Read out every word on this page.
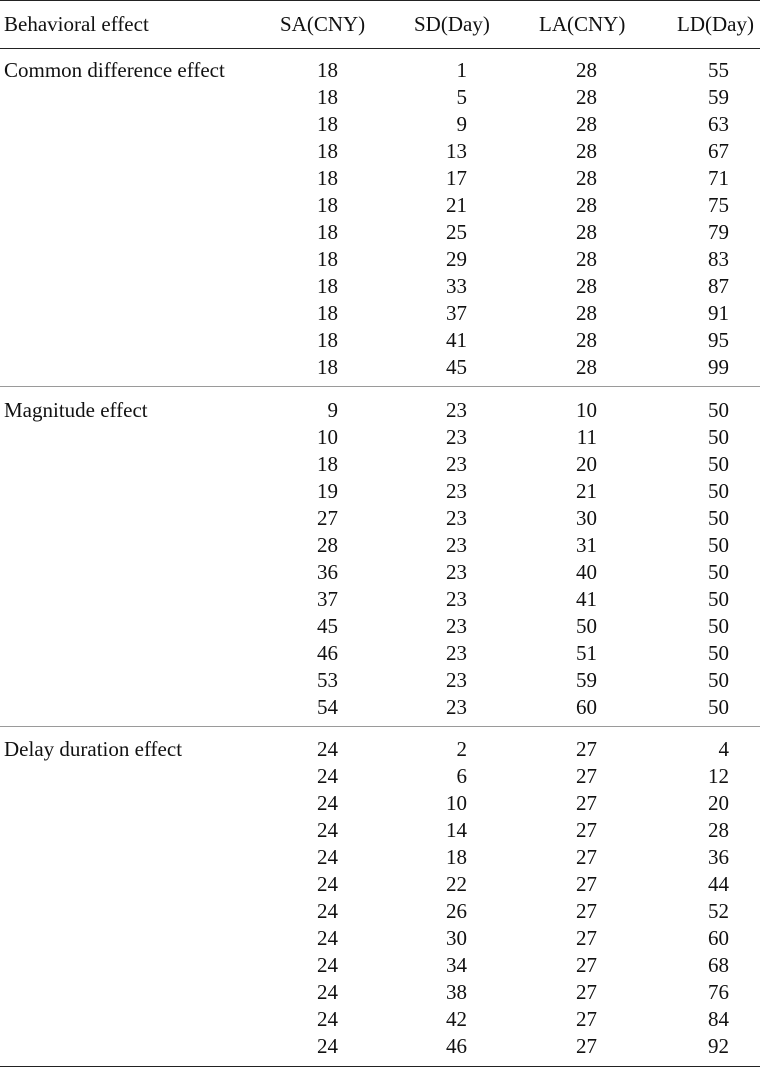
Behavioral effect	SA(CNY) SD(Day) LA(CNY) LD(Day)
Common difference effect	18	1	28	55
18	5	28	59
18	9	28	63
18	13	28	67
18	17	28	71
18	21	28	75
18	25	28	79
18	29	28	83
18	33	28	87
18	37	28	91
18	41	28	95
18	45	28	99
Magnitude effect	9	23	10	50
10	23	11	50
18	23	20	50
19	23	21	50
27	23	30	50
28	23	31	50
36	23	40	50
37	23	41	50
45	23	50	50
46	23	51	50
53	23	59	50
54	23	60	50
Delay duration effect	24	2	27	4
24	6	27	12
24	10	27	20
24	14	27	28
24	18	27	36
24	22	27	44
24	26	27	52
24	30	27	60
24	34	27	68
24	38	27	76
24	42	27	84
24	46	27	92
